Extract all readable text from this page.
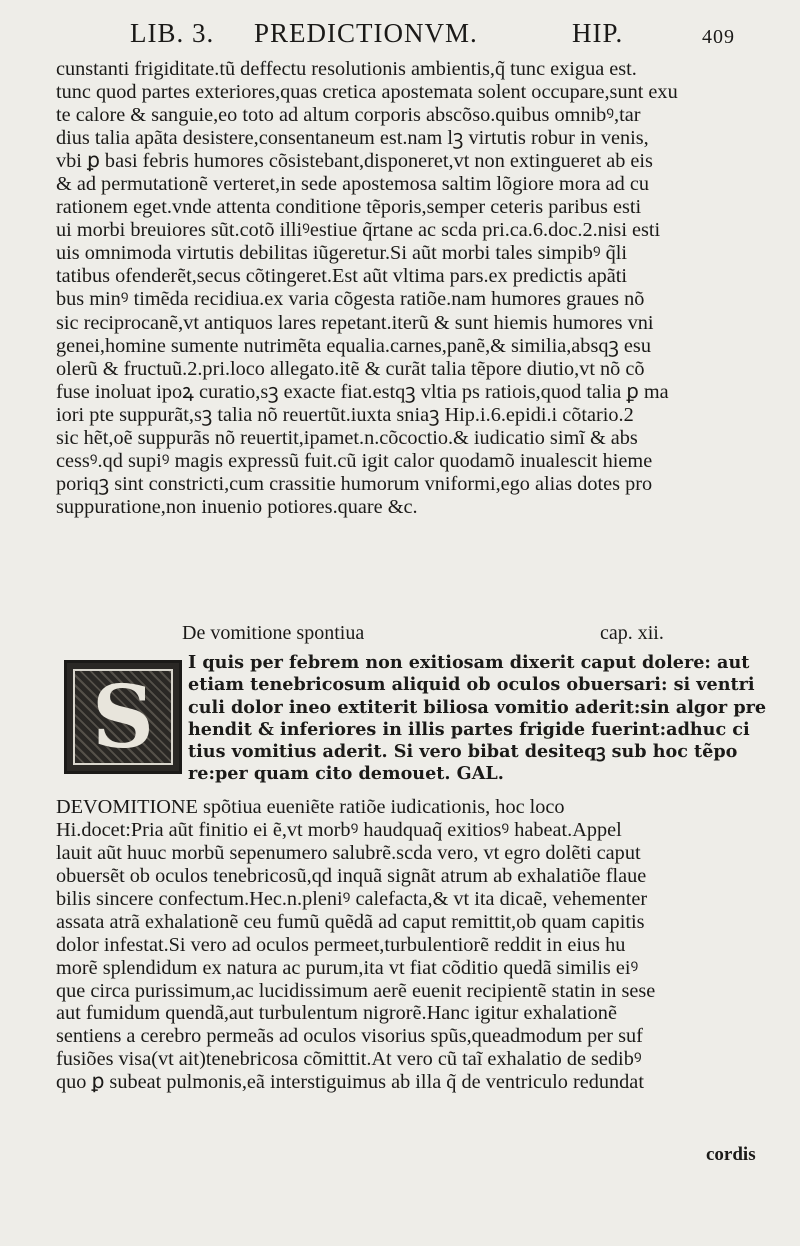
LIB. 3. PREDICTIONVM.	HIP.	409
cunstanti frigiditate.tũ deffectu resolutionis ambientis,q̃ tunc exigua est.
tunc quod partes exteriores,quas cretica apostemata solent occupare,sunt exu
te calore & sanguie,eo toto ad altum corporis abscõso.quibus omnibꝰ,tar
dius talia apãta desistere,consentaneum est.nam lꝫ virtutis robur in venis,
vbi ꝑ basi febris humores cõsistebant,disponeret,vt non extingueret ab eis
& ad permutationẽ verteret,in sede apostemosa saltim lõgiore mora ad cu
rationem eget.vnde attenta conditione tẽporis,semper ceteris paribus esti
ui morbi breuiores sũt.cotõ illiꝰestiue q̃rtane ac scda pri.ca.6.doc.2.nisi esti
uis omnimoda virtutis debilitas iũgeretur.Si aũt morbi tales simpibꝰ q̃li
tatibus ofenderẽt,secus cõtingeret.Est aũt vltima pars.ex predictis apãti
bus minꝰ timẽda recidiua.ex varia cõgesta ratiõe.nam humores graues nõ
sic reciprocanẽ,vt antiquos lares repetant.iterũ & sunt hiemis humores vni
genei,homine sumente nutrimẽta equalia.carnes,panẽ,& similia,absqꝫ esu
olerũ & fructuũ.2.pri.loco allegato.itẽ & curãt talia tẽpore diutio,vt nõ cõ
fuse inoluat ipoꝝ curatio,sꝫ exacte fiat.estqꝫ vltia ps ratiois,quod talia ꝑ ma
iori pte suppurãt,sꝫ talia nõ reuertũt.iuxta sniaꝫ Hip.i.6.epidi.i cõtario.2
sic hẽt,oẽ suppurãs nõ reuertit,ipamet.n.cõcoctio.& iudicatio simĩ & abs
cessꝰ.qd supiꝰ magis expressũ fuit.cũ igit calor quodamõ inualescit hieme
poriqꝫ sint constricti,cum crassitie humorum vniformi,ego alias dotes pro
suppuratione,non inuenio potiores.quare &c.
De vomitione spontiua	cap. xii.
S
I quis per febrem non exitiosam dixerit caput dolere: aut
etiam tenebricosum aliquid ob oculos obuersari: si ventri
culi dolor ineo extiterit biliosa vomitio aderit:sin algor pre
hendit & inferiores in illis partes frigide fuerint:adhuc ci
tius vomitius aderit. Si vero bibat desiteqꝫ sub hoc tẽpo
re:per quam cito demouet. GAL.
DEVOMITIONE spõtiua eueniẽte ratiõe iudicationis, hoc loco
Hi.docet:Pria aũt finitio ei ẽ,vt morbꝰ haudquaq̃ exitiosꝰ habeat.Appel
lauit aũt huuc morbũ sepenumero salubrẽ.scda vero, vt egro dolẽti caput
obuersẽt ob oculos tenebricosũ,qd inquã signãt atrum ab exhalatiõe flaue
bilis sincere confectum.Hec.n.pleniꝰ calefacta,& vt ita dicaẽ, vehementer
assata atrã exhalationẽ ceu fumũ quẽdã ad caput remittit,ob quam capitis
dolor infestat.Si vero ad oculos permeet,turbulentiorẽ reddit in eius hu
morẽ splendidum ex natura ac purum,ita vt fiat cõditio quedã similis eiꝰ
que circa purissimum,ac lucidissimum aerẽ euenit recipientẽ statin in sese
aut fumidum quendã,aut turbulentum nigrorẽ.Hanc igitur exhalationẽ
sentiens a cerebro permeãs ad oculos visorius spũs,queadmodum per suf
fusiões visa(vt ait)tenebricosa cõmittit.At vero cũ taĩ exhalatio de sedibꝰ
quo ꝑ subeat pulmonis,eã interstiguimus ab illa q̃ de ventriculo redundat
cordis
